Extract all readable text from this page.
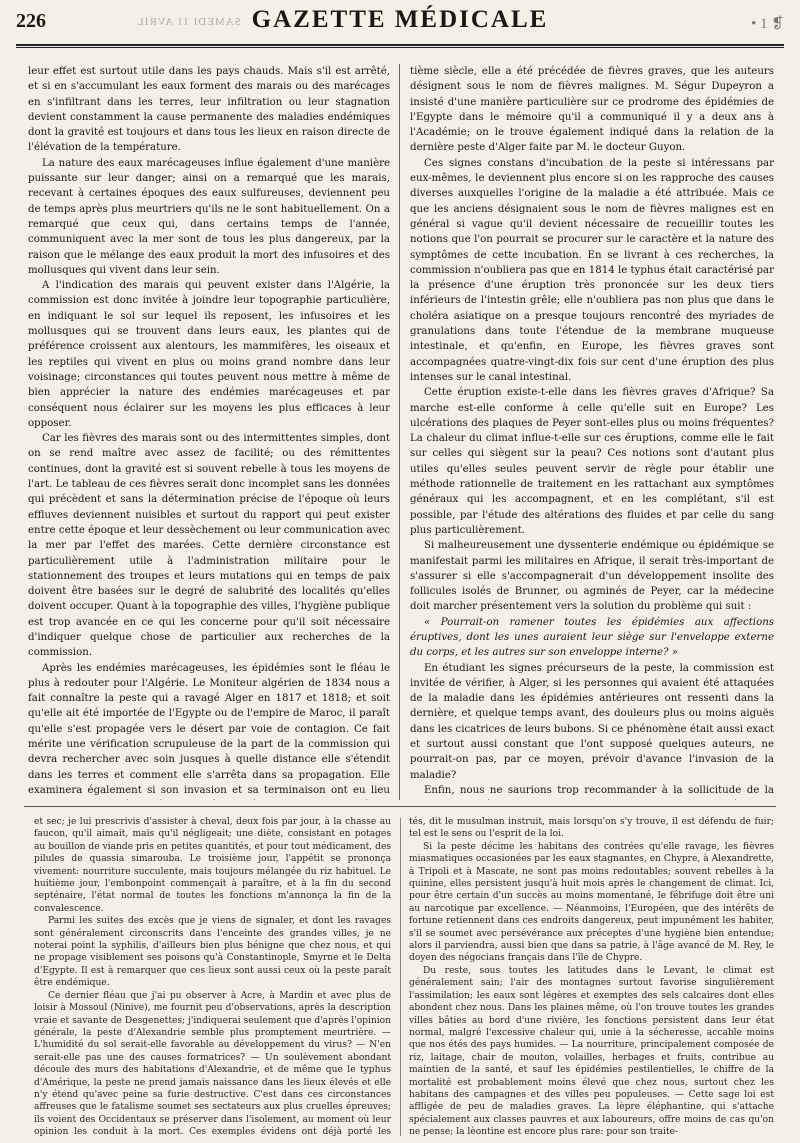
226	SAMEDI 11 AVRIL GAZETTE MÉDICALE	• 1 ❡

leur effet est surtout utile dans les pays chauds. Mais s'il est arrêté, et si en s'accumulant les eaux forment des marais ou des marécages en s'infiltrant dans les terres, leur infiltration ou leur stagnation devient constamment la cause permanente des maladies endémiques dont la gravité est toujours et dans tous les lieux en raison directe de l'élévation de la température.

La nature des eaux marécageuses influe également d'une manière puissante sur leur danger; ainsi on a remarqué que les marais, recevant à certaines époques des eaux sulfureuses, deviennent peu de temps après plus meurtriers qu'ils ne le sont habituellement. On a remarqué que ceux qui, dans certains temps de l'année, communiquent avec la mer sont de tous les plus dangereux, par la raison que le mélange des eaux produit la mort des infusoires et des mollusques qui vivent dans leur sein.

A l'indication des marais qui peuvent exister dans l'Algérie, la commission est donc invitée à joindre leur topographie particulière, en indiquant le sol sur lequel ils reposent, les infusoires et les mollusques qui se trouvent dans leurs eaux, les plantes qui de préférence croissent aux alentours, les mammifères, les oiseaux et les reptiles qui vivent en plus ou moins grand nombre dans leur voisinage; circonstances qui toutes peuvent nous mettre à même de bien apprécier la nature des endémies marécageuses et par conséquent nous éclairer sur les moyens les plus efficaces à leur opposer.

Car les fièvres des marais sont ou des intermittentes simples, dont on se rend maître avec assez de facilité; ou des rémittentes continues, dont la gravité est si souvent rebelle à tous les moyens de l'art. Le tableau de ces fièvres serait donc incomplet sans les données qui précèdent et sans la détermination précise de l'époque où leurs effluves deviennent nuisibles et surtout du rapport qui peut exister entre cette époque et leur dessèchement ou leur communication avec la mer par l'effet des marées. Cette dernière circonstance est particulièrement utile à l'administration militaire pour le stationnement des troupes et leurs mutations qui en temps de paix doivent être basées sur le degré de salubrité des localités qu'elles doivent occuper. Quant à la topographie des villes, l'hygiène publique est trop avancée en ce qui les concerne pour qu'il soit nécessaire d'indiquer quelque chose de particulier aux recherches de la commission.

Après les endémies marécageuses, les épidémies sont le fléau le plus à redouter pour l'Algérie. Le Moniteur algérien de 1834 nous a fait connaître la peste qui a ravagé Alger en 1817 et 1818; et soit qu'elle ait été importée de l'Egypte ou de l'empire de Maroc, il paraît qu'elle s'est propagée vers le désert par voie de contagion. Ce fait mérite une vérification scrupuleuse de la part de la commission qui devra rechercher avec soin jusques à quelle distance elle s'étendit dans les terres et comment elle s'arrêta dans sa propagation. Elle examinera également si son invasion et sa terminaison ont eu lieu

tième siècle, elle a été précédée de fièvres graves, que les auteurs désignent sous le nom de fièvres malignes. M. Ségur Dupeyron a insisté d'une manière particulière sur ce prodrome des épidémies de l'Egypte dans le mémoire qu'il a communiqué il y a deux ans à l'Académie; on le trouve également indiqué dans la relation de la dernière peste d'Alger faite par M. le docteur Guyon.

Ces signes constans d'incubation de la peste si intéressans par eux-mêmes, le deviennent plus encore si on les rapproche des causes diverses auxquelles l'origine de la maladie a été attribuée. Mais ce que les anciens désignaient sous le nom de fièvres malignes est en général si vague qu'il devient nécessaire de recueillir toutes les notions que l'on pourrait se procurer sur le caractère et la nature des symptômes de cette incubation. En se livrant à ces recherches, la commission n'oubliera pas que en 1814 le typhus était caractérisé par la présence d'une éruption très prononcée sur les deux tiers inférieurs de l'intestin grêle; elle n'oubliera pas non plus que dans le choléra asiatique on a presque toujours rencontré des myriades de granulations dans toute l'étendue de la membrane muqueuse intestinale, et qu'enfin, en Europe, les fièvres graves sont accompagnées quatre-vingt-dix fois sur cent d'une éruption des plus intenses sur le canal intestinal.

Cette éruption existe-t-elle dans les fièvres graves d'Afrique? Sa marche est-elle conforme à celle qu'elle suit en Europe? Les ulcérations des plaques de Peyer sont-elles plus ou moins fréquentes? La chaleur du climat influe-t-elle sur ces éruptions, comme elle le fait sur celles qui siègent sur la peau? Ces notions sont d'autant plus utiles qu'elles seules peuvent servir de règle pour établir une méthode rationnelle de traitement en les rattachant aux symptômes généraux qui les accompagnent, et en les complétant, s'il est possible, par l'étude des altérations des fluides et par celle du sang plus particulièrement.

Si malheureusement une dyssenterie endémique ou épidémique se manifestait parmi les militaires en Afrique, il serait très-important de s'assurer si elle s'accompagnerait d'un développement insolite des follicules isolés de Brunner, ou agminés de Peyer, car la médecine doit marcher présentement vers la solution du problème qui suit :

« Pourrait-on ramener toutes les épidémies aux affections éruptives, dont les unes auraient leur siège sur l'enveloppe externe du corps, et les autres sur son enveloppe interne? »

En étudiant les signes précurseurs de la peste, la commission est invitée de vérifier, à Alger, si les personnes qui avaient été attaquées de la maladie dans les épidémies antérieures ont ressenti dans la dernière, et quelque temps avant, des douleurs plus ou moins aiguës dans les cicatrices de leurs bubons. Si ce phénomène était aussi exact et surtout aussi constant que l'ont supposé quelques auteurs, ne pourrait-on pas, par ce moyen, prévoir d'avance l'invasion de la maladie?

Enfin, nous ne saurions trop recommander à la sollicitude de la

et sec; je lui prescrivis d'assister à cheval, deux fois par jour, à la chasse au faucon, qu'il aimait, mais qu'il négligeait; une diète, consistant en potages au bouillon de viande pris en petites quantités, et pour tout médicament, des pilules de quassia simarouba. Le troisième jour, l'appétit se prononça vivement: nourriture succulente, mais toujours mélangée du riz habituel. Le huitième jour, l'embonpoint commençait à paraître, et à la fin du second septénaire, l'état normal de toutes les fonctions m'annonça la fin de la convalescence.

Parmi les suites des excès que je viens de signaler, et dont les ravages sont généralement circonscrits dans l'enceinte des grandes villes, je ne noterai point la syphilis, d'ailleurs bien plus bénigne que chez nous, et qui ne propage visiblement ses poisons qu'à Constantinople, Smyrne et le Delta d'Egypte. Il est à remarquer que ces lieux sont aussi ceux où la peste paraît être endémique.

Ce dernier fléau que j'ai pu observer à Acre, à Mardin et avec plus de loisir à Mossoul (Ninive), me fournit peu d'observations, après la description vraie et savante de Desgenettes; j'indiquerai seulement que d'après l'opinion générale, la peste d'Alexandrie semble plus promptement meurtrière. — L'humidité du sol serait-elle favorable au développement du virus? — N'en serait-elle pas une des causes formatrices? — Un soulèvement abondant découle des murs des habitations d'Alexandrie, et de même que le typhus d'Amérique, la peste ne prend jamais naissance dans les lieux élevés et elle n'y étend qu'avec peine sa furie destructive. C'est dans ces circonstances affreuses que le fatalisme soumet ses sectateurs aux plus cruelles épreuves; ils voient des Occidentaux se préserver dans l'isolement, au moment où leur opinion les conduit à la mort. Ces exemples évidens ont déjà porté les

tés, dit le musulman instruit, mais lorsqu'on s'y trouve, il est défendu de fuir; tel est le sens ou l'esprit de la loi.

Si la peste décime les habitans des contrées qu'elle ravage, les fièvres miasmatiques occasionées par les eaux stagnantes, en Chypre, à Alexandrette, à Tripoli et à Mascate, ne sont pas moins redoutables; souvent rebelles à la quinine, elles persistent jusqu'à huit mois après le changement de climat. Ici, pour être certain d'un succès au moins momentané, le fébrifuge doit être uni au narcotique par excellence. — Néanmoins, l'Européen, que des intérêts de fortune retiennent dans ces endroits dangereux, peut impunément les habiter, s'il se soumet avec persévérance aux préceptes d'une hygiène bien entendue; alors il parviendra, aussi bien que dans sa patrie, à l'âge avancé de M. Rey, le doyen des négocians français dans l'île de Chypre.

Du reste, sous toutes les latitudes dans le Levant, le climat est généralement sain; l'air des montagnes surtout favorise singulièrement l'assimilation; les eaux sont légères et exemptes des sels calcaires dont elles abondent chez nous. Dans les plaines même, où l'on trouve toutes les grandes villes bâties au bord d'une rivière, les fonctions persistent dans leur état normal, malgré l'excessive chaleur qui, unie à la sécheresse, accable moins que nos étés des pays humides. — La nourriture, principalement composée de riz, laitage, chair de mouton, volailles, herbages et fruits, contribue au maintien de la santé, et sauf les épidémies pestilentielles, le chiffre de la mortalité est probablement moins élevé que chez nous, surtout chez les habitans des campagnes et des villes peu populeuses. — Cette sage loi est affligée de peu de maladies graves. La lèpre éléphantine, qui s'attache spécialement aux classes pauvres et aux laboureurs, offre moins de cas qu'on ne pense; la lèontine est encore plus rare: pour son traite-
